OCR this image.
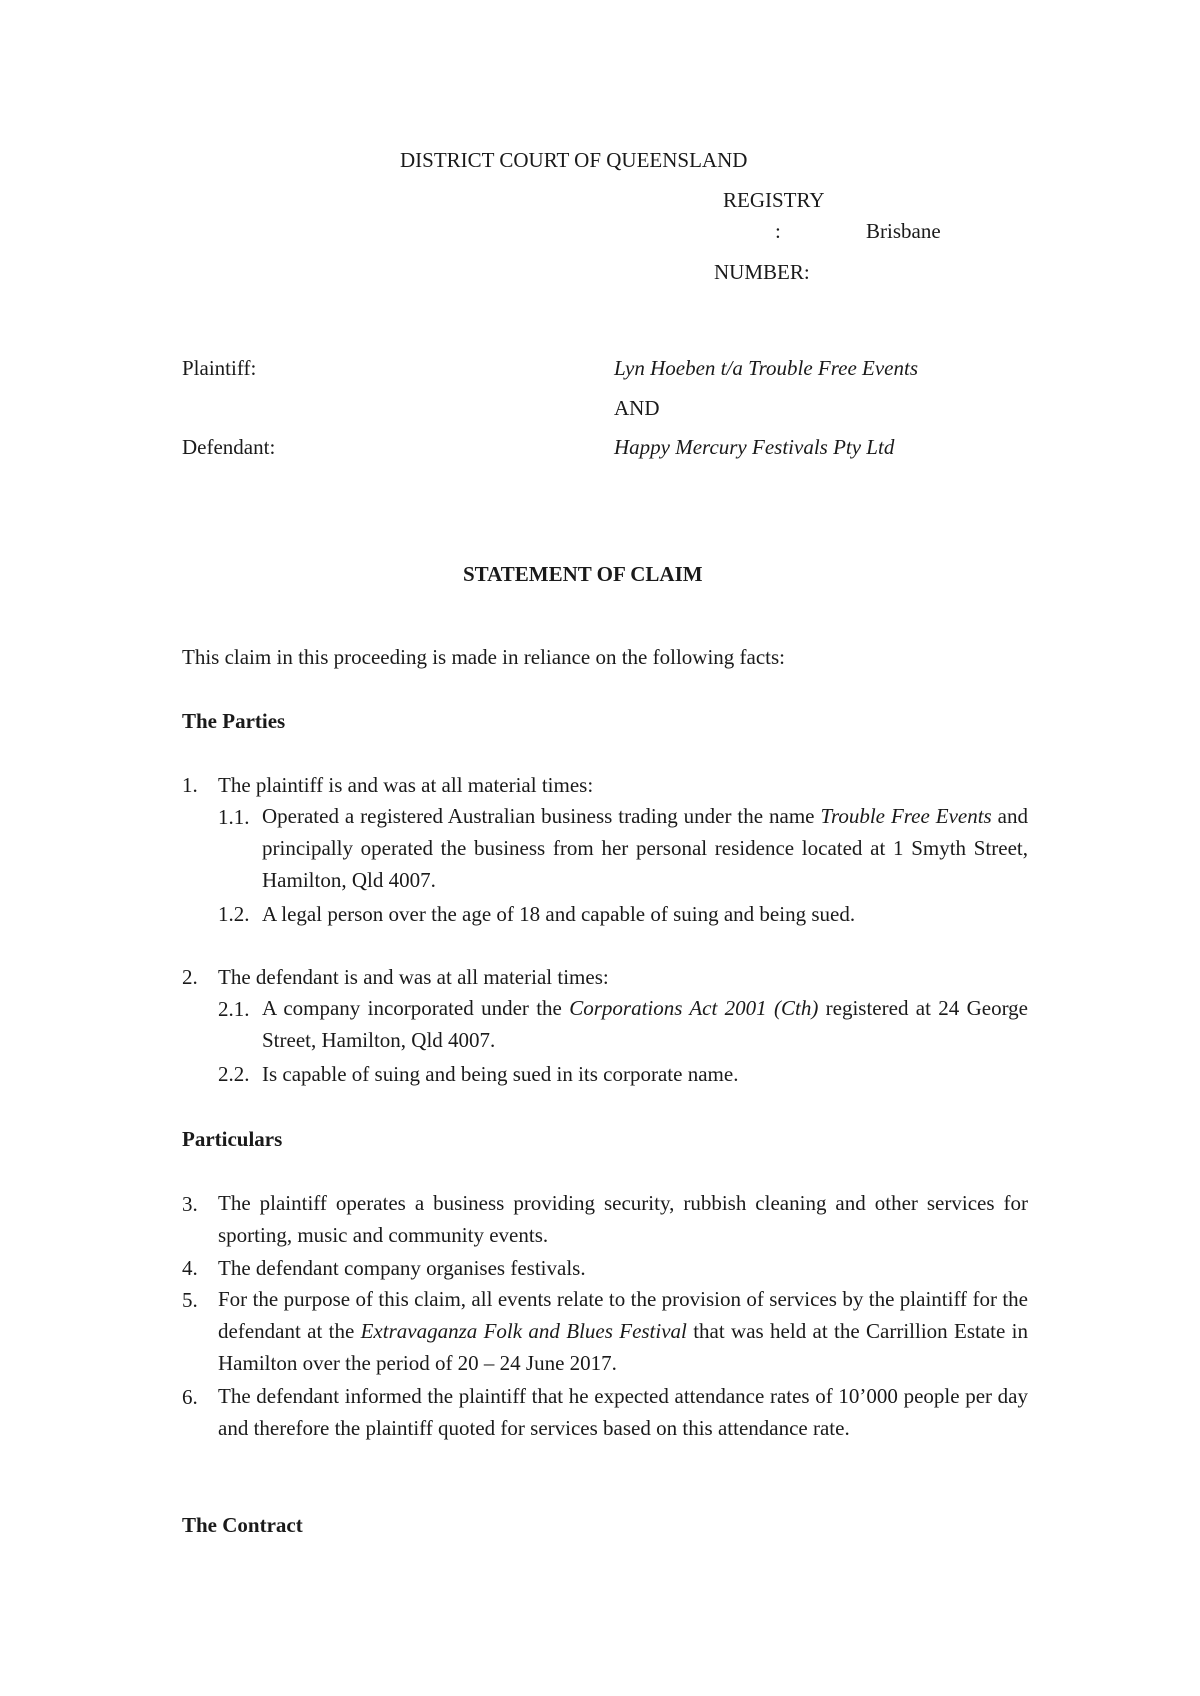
DISTRICT COURT OF QUEENSLAND
REGISTRY
:	Brisbane
NUMBER:
Plaintiff:	Lyn Hoeben t/a Trouble Free Events
AND
Defendant:	Happy Mercury Festivals Pty Ltd
STATEMENT OF CLAIM
This claim in this proceeding is made in reliance on the following facts:
The Parties
1. The plaintiff is and was at all material times:
1.1. Operated a registered Australian business trading under the name Trouble Free Events and principally operated the business from her personal residence located at 1 Smyth Street, Hamilton, Qld 4007.
1.2. A legal person over the age of 18 and capable of suing and being sued.
2. The defendant is and was at all material times:
2.1. A company incorporated under the Corporations Act 2001 (Cth) registered at 24 George Street, Hamilton, Qld 4007.
2.2. Is capable of suing and being sued in its corporate name.
Particulars
3. The plaintiff operates a business providing security, rubbish cleaning and other services for sporting, music and community events.
4. The defendant company organises festivals.
5. For the purpose of this claim, all events relate to the provision of services by the plaintiff for the defendant at the Extravaganza Folk and Blues Festival that was held at the Carrillion Estate in Hamilton over the period of 20 – 24 June 2017.
6. The defendant informed the plaintiff that he expected attendance rates of 10’000 people per day and therefore the plaintiff quoted for services based on this attendance rate.
The Contract
